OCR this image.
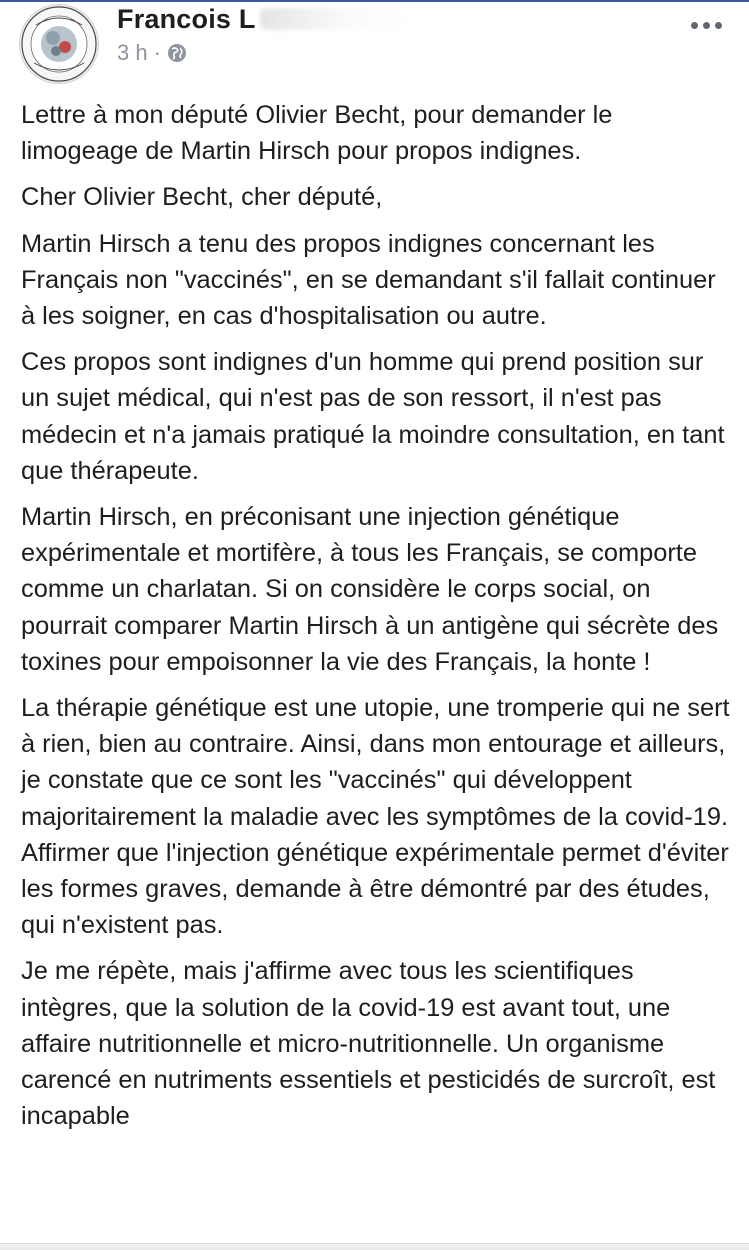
Francois L
3 h ·

Lettre à mon député Olivier Becht, pour demander le limogeage de Martin Hirsch pour propos indignes.

Cher Olivier Becht, cher député,

Martin Hirsch a tenu des propos indignes concernant les Français non "vaccinés", en se demandant s'il fallait continuer à les soigner, en cas d'hospitalisation ou autre.

Ces propos sont indignes d'un homme qui prend position sur un sujet médical, qui n'est pas de son ressort, il n'est pas médecin et n'a jamais pratiqué la moindre consultation, en tant que thérapeute.

Martin Hirsch, en préconisant une injection génétique expérimentale et mortifère, à tous les Français, se comporte comme un charlatan. Si on considère le corps social, on pourrait comparer Martin Hirsch à un antigène qui sécrète des toxines pour empoisonner la vie des Français, la honte !

La thérapie génétique est une utopie, une tromperie qui ne sert à rien, bien au contraire. Ainsi, dans mon entourage et ailleurs, je constate que ce sont les "vaccinés" qui développent majoritairement la maladie avec les symptômes de la covid-19. Affirmer que l'injection génétique expérimentale permet d'éviter les formes graves, demande à être démontré par des études, qui n'existent pas.

Je me répète, mais j'affirme avec tous les scientifiques intègres, que la solution de la covid-19 est avant tout, une affaire nutritionnelle et micro-nutritionnelle. Un organisme carencé en nutriments essentiels et pesticidés de surcroît, est incapable
